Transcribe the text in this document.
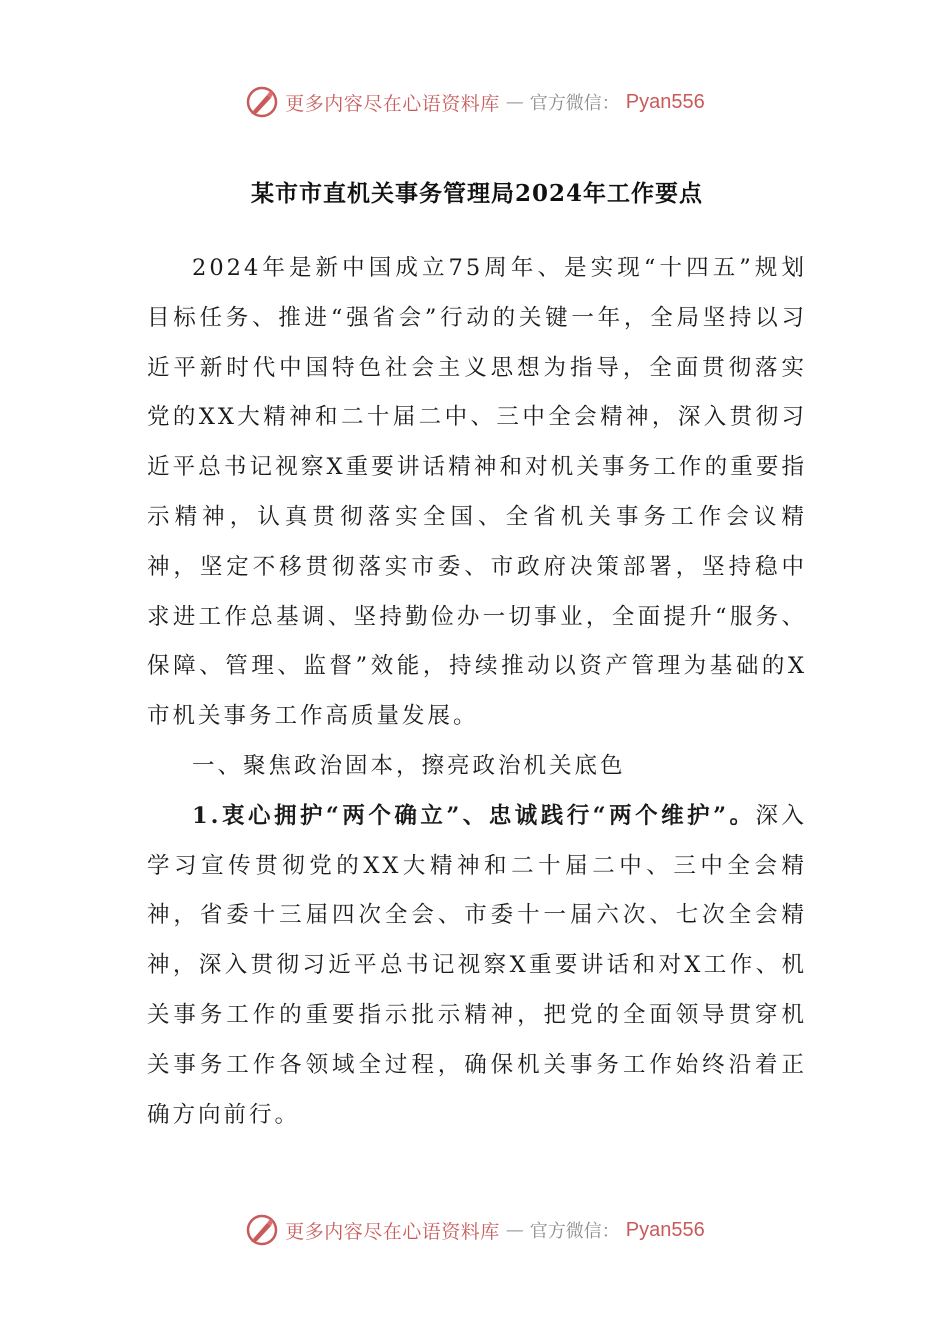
更多内容尽在心语资料库 — 官方微信： Pyan556
某市市直机关事务管理局2024年工作要点

2024年是新中国成立75周年、是实现“十四五”规划目标任务、推进“强省会”行动的关键一年，全局坚持以习近平新时代中国特色社会主义思想为指导，全面贯彻落实党的XX大精神和二十届二中、三中全会精神，深入贯彻习近平总书记视察X重要讲话精神和对机关事务工作的重要指示精神，认真贯彻落实全国、全省机关事务工作会议精神，坚定不移贯彻落实市委、市政府决策部署，坚持稳中求进工作总基调、坚持勤俭办一切事业，全面提升“服务、保障、管理、监督”效能，持续推动以资产管理为基础的X市机关事务工作高质量发展。

一、聚焦政治固本，擦亮政治机关底色

1.衷心拥护“两个确立”、忠诚践行“两个维护”。深入学习宣传贯彻党的XX大精神和二十届二中、三中全会精神，省委十三届四次全会、市委十一届六次、七次全会精神，深入贯彻习近平总书记视察X重要讲话和对X工作、机关事务工作的重要指示批示精神，把党的全面领导贯穿机关事务工作各领域全过程，确保机关事务工作始终沿着正确方向前行。

更多内容尽在心语资料库 — 官方微信： Pyan556
